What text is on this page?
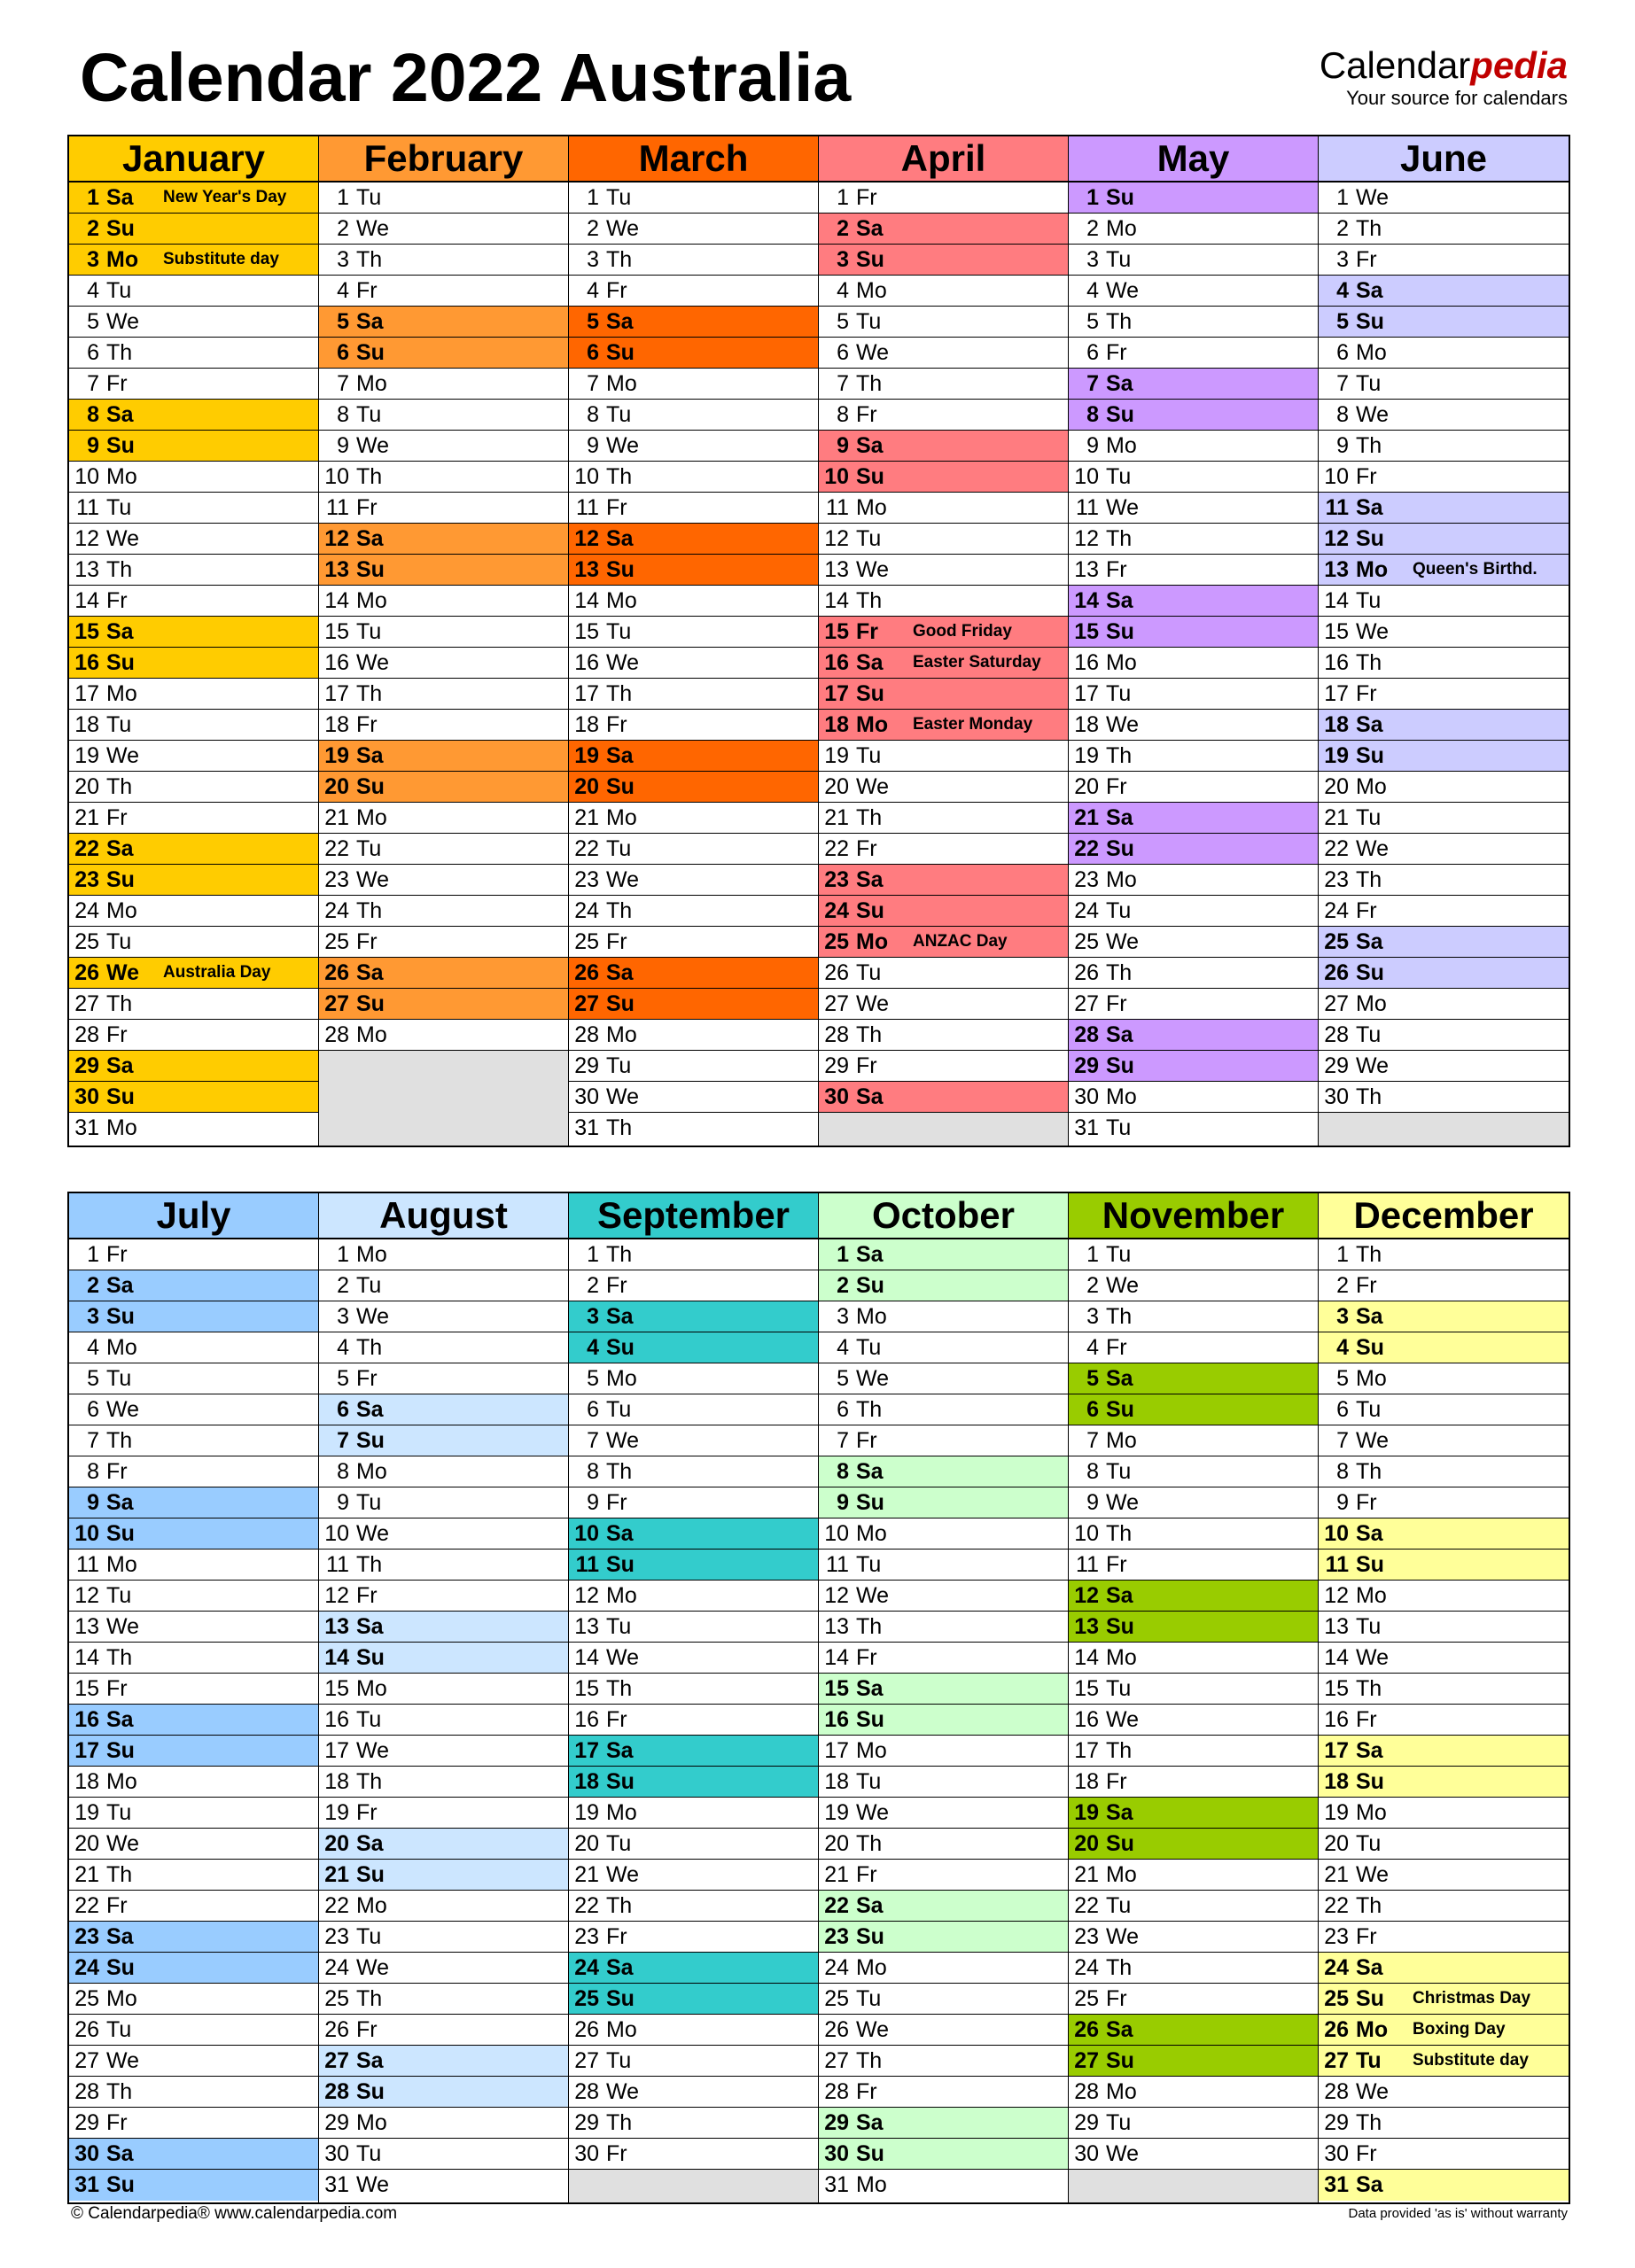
Calendar 2022 Australia	Calendarpedia
Your source for calendars
January
1 Sa	New Year's Day
2 Su
3 Mo	Substitute day
4 Tu
5 We
6 Th
7 Fr
8 Sa
9 Su
10 Mo
11 Tu
12 We
13 Th
14 Fr
15 Sa
16 Su
17 Mo
18 Tu
19 We
20 Th
21 Fr
22 Sa
23 Su
24 Mo
25 Tu
26 We	Australia Day
27 Th
28 Fr
29 Sa
30 Su
31 Mo
February
1 Tu
2 We
3 Th
4 Fr
5 Sa
6 Su
7 Mo
8 Tu
9 We
10 Th
11 Fr
12 Sa
13 Su
14 Mo
15 Tu
16 We
17 Th
18 Fr
19 Sa
20 Su
21 Mo
22 Tu
23 We
24 Th
25 Fr
26 Sa
27 Su
28 Mo
March
1 Tu
2 We
3 Th
4 Fr
5 Sa
6 Su
7 Mo
8 Tu
9 We
10 Th
11 Fr
12 Sa
13 Su
14 Mo
15 Tu
16 We
17 Th
18 Fr
19 Sa
20 Su
21 Mo
22 Tu
23 We
24 Th
25 Fr
26 Sa
27 Su
28 Mo
29 Tu
30 We
31 Th
April
1 Fr
2 Sa
3 Su
4 Mo
5 Tu
6 We
7 Th
8 Fr
9 Sa
10 Su
11 Mo
12 Tu
13 We
14 Th
15 Fr	Good Friday
16 Sa	Easter Saturday
17 Su
18 Mo	Easter Monday
19 Tu
20 We
21 Th
22 Fr
23 Sa
24 Su
25 Mo	ANZAC Day
26 Tu
27 We
28 Th
29 Fr
30 Sa
May
1 Su
2 Mo
3 Tu
4 We
5 Th
6 Fr
7 Sa
8 Su
9 Mo
10 Tu
11 We
12 Th
13 Fr
14 Sa
15 Su
16 Mo
17 Tu
18 We
19 Th
20 Fr
21 Sa
22 Su
23 Mo
24 Tu
25 We
26 Th
27 Fr
28 Sa
29 Su
30 Mo
31 Tu
June
1 We
2 Th
3 Fr
4 Sa
5 Su
6 Mo
7 Tu
8 We
9 Th
10 Fr
11 Sa
12 Su
13 Mo	Queen's Birthd.
14 Tu
15 We
16 Th
17 Fr
18 Sa
19 Su
20 Mo
21 Tu
22 We
23 Th
24 Fr
25 Sa
26 Su
27 Mo
28 Tu
29 We
30 Th
July
1 Fr
2 Sa
3 Su
4 Mo
5 Tu
6 We
7 Th
8 Fr
9 Sa
10 Su
11 Mo
12 Tu
13 We
14 Th
15 Fr
16 Sa
17 Su
18 Mo
19 Tu
20 We
21 Th
22 Fr
23 Sa
24 Su
25 Mo
26 Tu
27 We
28 Th
29 Fr
30 Sa
31 Su
August
1 Mo
2 Tu
3 We
4 Th
5 Fr
6 Sa
7 Su
8 Mo
9 Tu
10 We
11 Th
12 Fr
13 Sa
14 Su
15 Mo
16 Tu
17 We
18 Th
19 Fr
20 Sa
21 Su
22 Mo
23 Tu
24 We
25 Th
26 Fr
27 Sa
28 Su
29 Mo
30 Tu
31 We
September
1 Th
2 Fr
3 Sa
4 Su
5 Mo
6 Tu
7 We
8 Th
9 Fr
10 Sa
11 Su
12 Mo
13 Tu
14 We
15 Th
16 Fr
17 Sa
18 Su
19 Mo
20 Tu
21 We
22 Th
23 Fr
24 Sa
25 Su
26 Mo
27 Tu
28 We
29 Th
30 Fr
October
1 Sa
2 Su
3 Mo
4 Tu
5 We
6 Th
7 Fr
8 Sa
9 Su
10 Mo
11 Tu
12 We
13 Th
14 Fr
15 Sa
16 Su
17 Mo
18 Tu
19 We
20 Th
21 Fr
22 Sa
23 Su
24 Mo
25 Tu
26 We
27 Th
28 Fr
29 Sa
30 Su
31 Mo
November
1 Tu
2 We
3 Th
4 Fr
5 Sa
6 Su
7 Mo
8 Tu
9 We
10 Th
11 Fr
12 Sa
13 Su
14 Mo
15 Tu
16 We
17 Th
18 Fr
19 Sa
20 Su
21 Mo
22 Tu
23 We
24 Th
25 Fr
26 Sa
27 Su
28 Mo
29 Tu
30 We
December
1 Th
2 Fr
3 Sa
4 Su
5 Mo
6 Tu
7 We
8 Th
9 Fr
10 Sa
11 Su
12 Mo
13 Tu
14 We
15 Th
16 Fr
17 Sa
18 Su
19 Mo
20 Tu
21 We
22 Th
23 Fr
24 Sa
25 Su	Christmas Day
26 Mo	Boxing Day
27 Tu	Substitute day
28 We
29 Th
30 Fr
31 Sa
© Calendarpedia® www.calendarpedia.com	Data provided 'as is' without warranty
